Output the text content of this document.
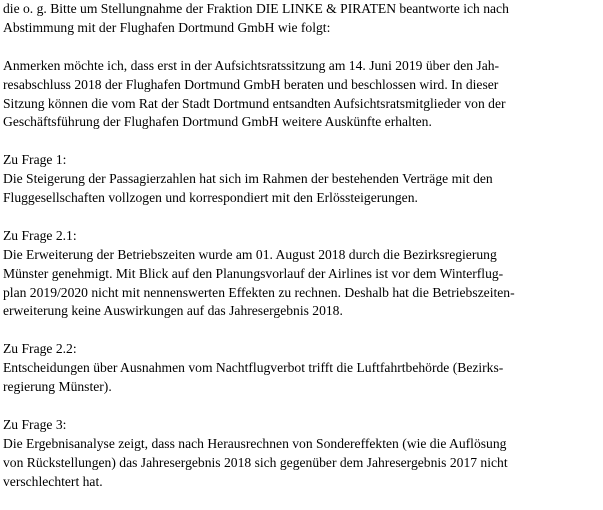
die o. g. Bitte um Stellungnahme der Fraktion DIE LINKE & PIRATEN beantworte ich nach
Abstimmung mit der Flughafen Dortmund GmbH wie folgt:
Anmerken möchte ich, dass erst in der Aufsichtsratssitzung am 14. Juni 2019 über den Jah-
resabschluss 2018 der Flughafen Dortmund GmbH beraten und beschlossen wird. In dieser
Sitzung können die vom Rat der Stadt Dortmund entsandten Aufsichtsratsmitglieder von der
Geschäftsführung der Flughafen Dortmund GmbH weitere Auskünfte erhalten.
Zu Frage 1:
Die Steigerung der Passagierzahlen hat sich im Rahmen der bestehenden Verträge mit den
Fluggesellschaften vollzogen und korrespondiert mit den Erlössteigerungen.
Zu Frage 2.1:
Die Erweiterung der Betriebszeiten wurde am 01. August 2018 durch die Bezirksregierung
Münster genehmigt. Mit Blick auf den Planungsvorlauf der Airlines ist vor dem Winterflug-
plan 2019/2020 nicht mit nennenswerten Effekten zu rechnen. Deshalb hat die Betriebszeiten-
erweiterung keine Auswirkungen auf das Jahresergebnis 2018.
Zu Frage 2.2:
Entscheidungen über Ausnahmen vom Nachtflugverbot trifft die Luftfahrtbehörde (Bezirks-
regierung Münster).
Zu Frage 3:
Die Ergebnisanalyse zeigt, dass nach Herausrechnen von Sondereffekten (wie die Auflösung
von Rückstellungen) das Jahresergebnis 2018 sich gegenüber dem Jahresergebnis 2017 nicht
verschlechtert hat.
